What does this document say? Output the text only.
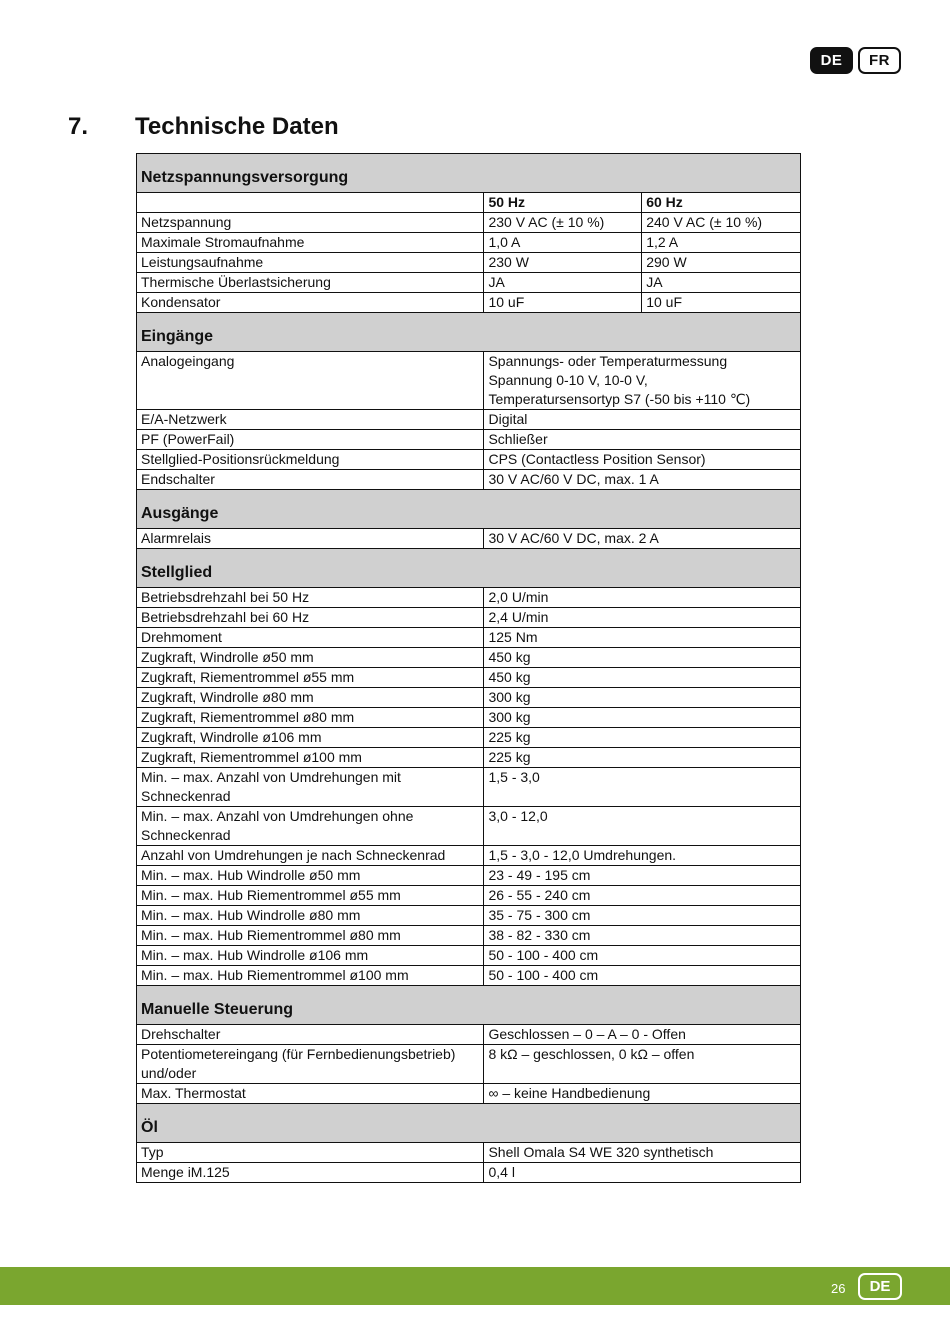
DE	FR
7.	Technische Daten
Netzspannungsversorgung		
	50 Hz	60 Hz
Netzspannung	230 V AC (± 10 %)	240 V AC (± 10 %)
Maximale Stromaufnahme	1,0 A	1,2 A
Leistungsaufnahme	230 W	290 W
Thermische Überlastsicherung	JA	JA
Kondensator	10 uF	10 uF
Eingänge		
Analogeingang	Spannungs- oder Temperaturmessung
Spannung 0-10 V, 10-0 V,
Temperatursensortyp S7 (-50 bis +110 ℃)	
E/A-Netzwerk	Digital	
PF (PowerFail)	Schließer	
Stellglied-Positionsrückmeldung	CPS (Contactless Position Sensor)	
Endschalter	30 V AC/60 V DC, max. 1 A	
Ausgänge		
Alarmrelais	30 V AC/60 V DC, max. 2 A	
Stellglied		
Betriebsdrehzahl bei 50 Hz	2,0 U/min	
Betriebsdrehzahl bei 60 Hz	2,4 U/min	
Drehmoment	125 Nm	
Zugkraft, Windrolle ø50 mm	450 kg	
Zugkraft, Riementrommel ø55 mm	450 kg	
Zugkraft, Windrolle ø80 mm	300 kg	
Zugkraft, Riementrommel ø80 mm	300 kg	
Zugkraft, Windrolle ø106 mm	225 kg	
Zugkraft, Riementrommel ø100 mm	225 kg	
Min. – max. Anzahl von Umdrehungen mit
Schneckenrad	1,5 - 3,0	
Min. – max. Anzahl von Umdrehungen ohne
Schneckenrad	3,0 - 12,0	
Anzahl von Umdrehungen je nach Schneckenrad	1,5 - 3,0 - 12,0 Umdrehungen.	
Min. – max. Hub Windrolle ø50 mm	23 - 49 - 195 cm	
Min. – max. Hub Riementrommel ø55 mm	26 - 55 - 240 cm	
Min. – max. Hub Windrolle ø80 mm	35 - 75 - 300 cm	
Min. – max. Hub Riementrommel ø80 mm	38 - 82 - 330 cm	
Min. – max. Hub Windrolle ø106 mm	50 - 100 - 400 cm	
Min. – max. Hub Riementrommel ø100 mm	50 - 100 - 400 cm	
Manuelle Steuerung		
Drehschalter	Geschlossen – 0 – A – 0 - Offen	
Potentiometereingang (für Fernbedienungsbetrieb)
und/oder	8 kΩ – geschlossen, 0 kΩ – offen	
Max. Thermostat	∞ – keine Handbedienung	
Öl		
Typ	Shell Omala S4 WE 320 synthetisch	
Menge iM.125	0,4 l	
26	DE
